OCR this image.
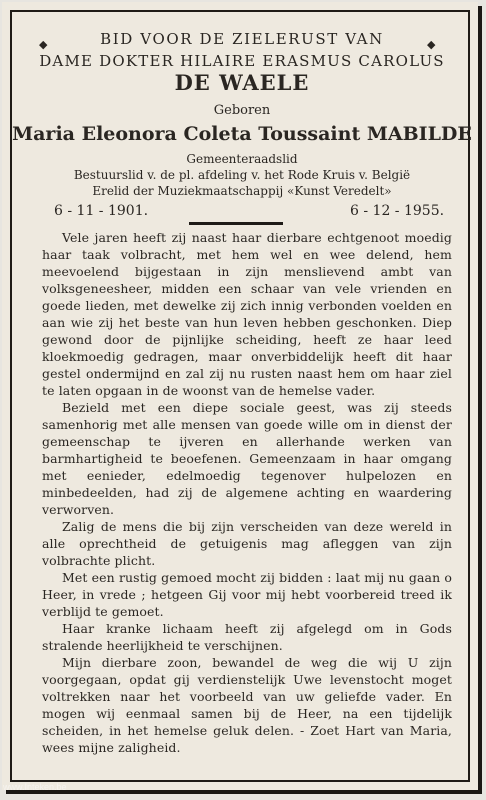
◆	◆
BID VOOR DE ZIELERUST VAN
DAME DOKTER HILAIRE ERASMUS CAROLUS
DE WAELE
Geboren
Maria Eleonora Coleta Toussaint MABILDE
Gemeenteraadslid
Bestuurslid v. de pl. afdeling v. het Rode Kruis v. België
Erelid der Muziekmaatschappij «Kunst Veredelt»
6 - 11 - 1901.	6 - 12 - 1955.

Vele jaren heeft zij naast haar dierbare echtgenoot moedig haar taak volbracht, met hem wel en wee delend, hem meevoelend bijgestaan in zijn menslievend ambt van volksgeneesheer, midden een schaar van vele vrienden en goede lieden, met dewelke zij zich innig verbonden voelden en aan wie zij het beste van hun leven hebben geschonken. Diep gewond door de pijnlijke scheiding, heeft ze haar leed kloekmoedig gedragen, maar onverbiddelijk heeft dit haar gestel ondermijnd en zal zij nu rusten naast hem om haar ziel te laten opgaan in de woonst van de hemelse vader.

Bezield met een diepe sociale geest, was zij steeds samenhorig met alle mensen van goede wille om in dienst der gemeenschap te ijveren en allerhande werken van barmhartigheid te beoefenen. Gemeenzaam in haar omgang met eenieder, edelmoedig tegenover hulpelozen en minbedeelden, had zij de algemene achting en waardering verworven.

Zalig de mens die bij zijn verscheiden van deze wereld in alle oprechtheid de getuigenis mag afleggen van zijn volbrachte plicht.

Met een rustig gemoed mocht zij bidden : laat mij nu gaan o Heer, in vrede ; hetgeen Gij voor mij hebt voorbereid treed ik verblijd te gemoet.

Haar kranke lichaam heeft zij afgelegd om in Gods stralende heerlijkheid te verschijnen.

Mijn dierbare zoon, bewandel de weg die wij U zijn voorgegaan, opdat gij verdienstelijk Uwe levenstocht moget voltrekken naar het voorbeeld van uw geliefde vader. En mogen wij eenmaal samen bij de Heer, na een tijdelijk scheiden, in het hemelse geluk delen. - Zoet Hart van Maria, wees mijne zaligheid.

www.Inteken.be
